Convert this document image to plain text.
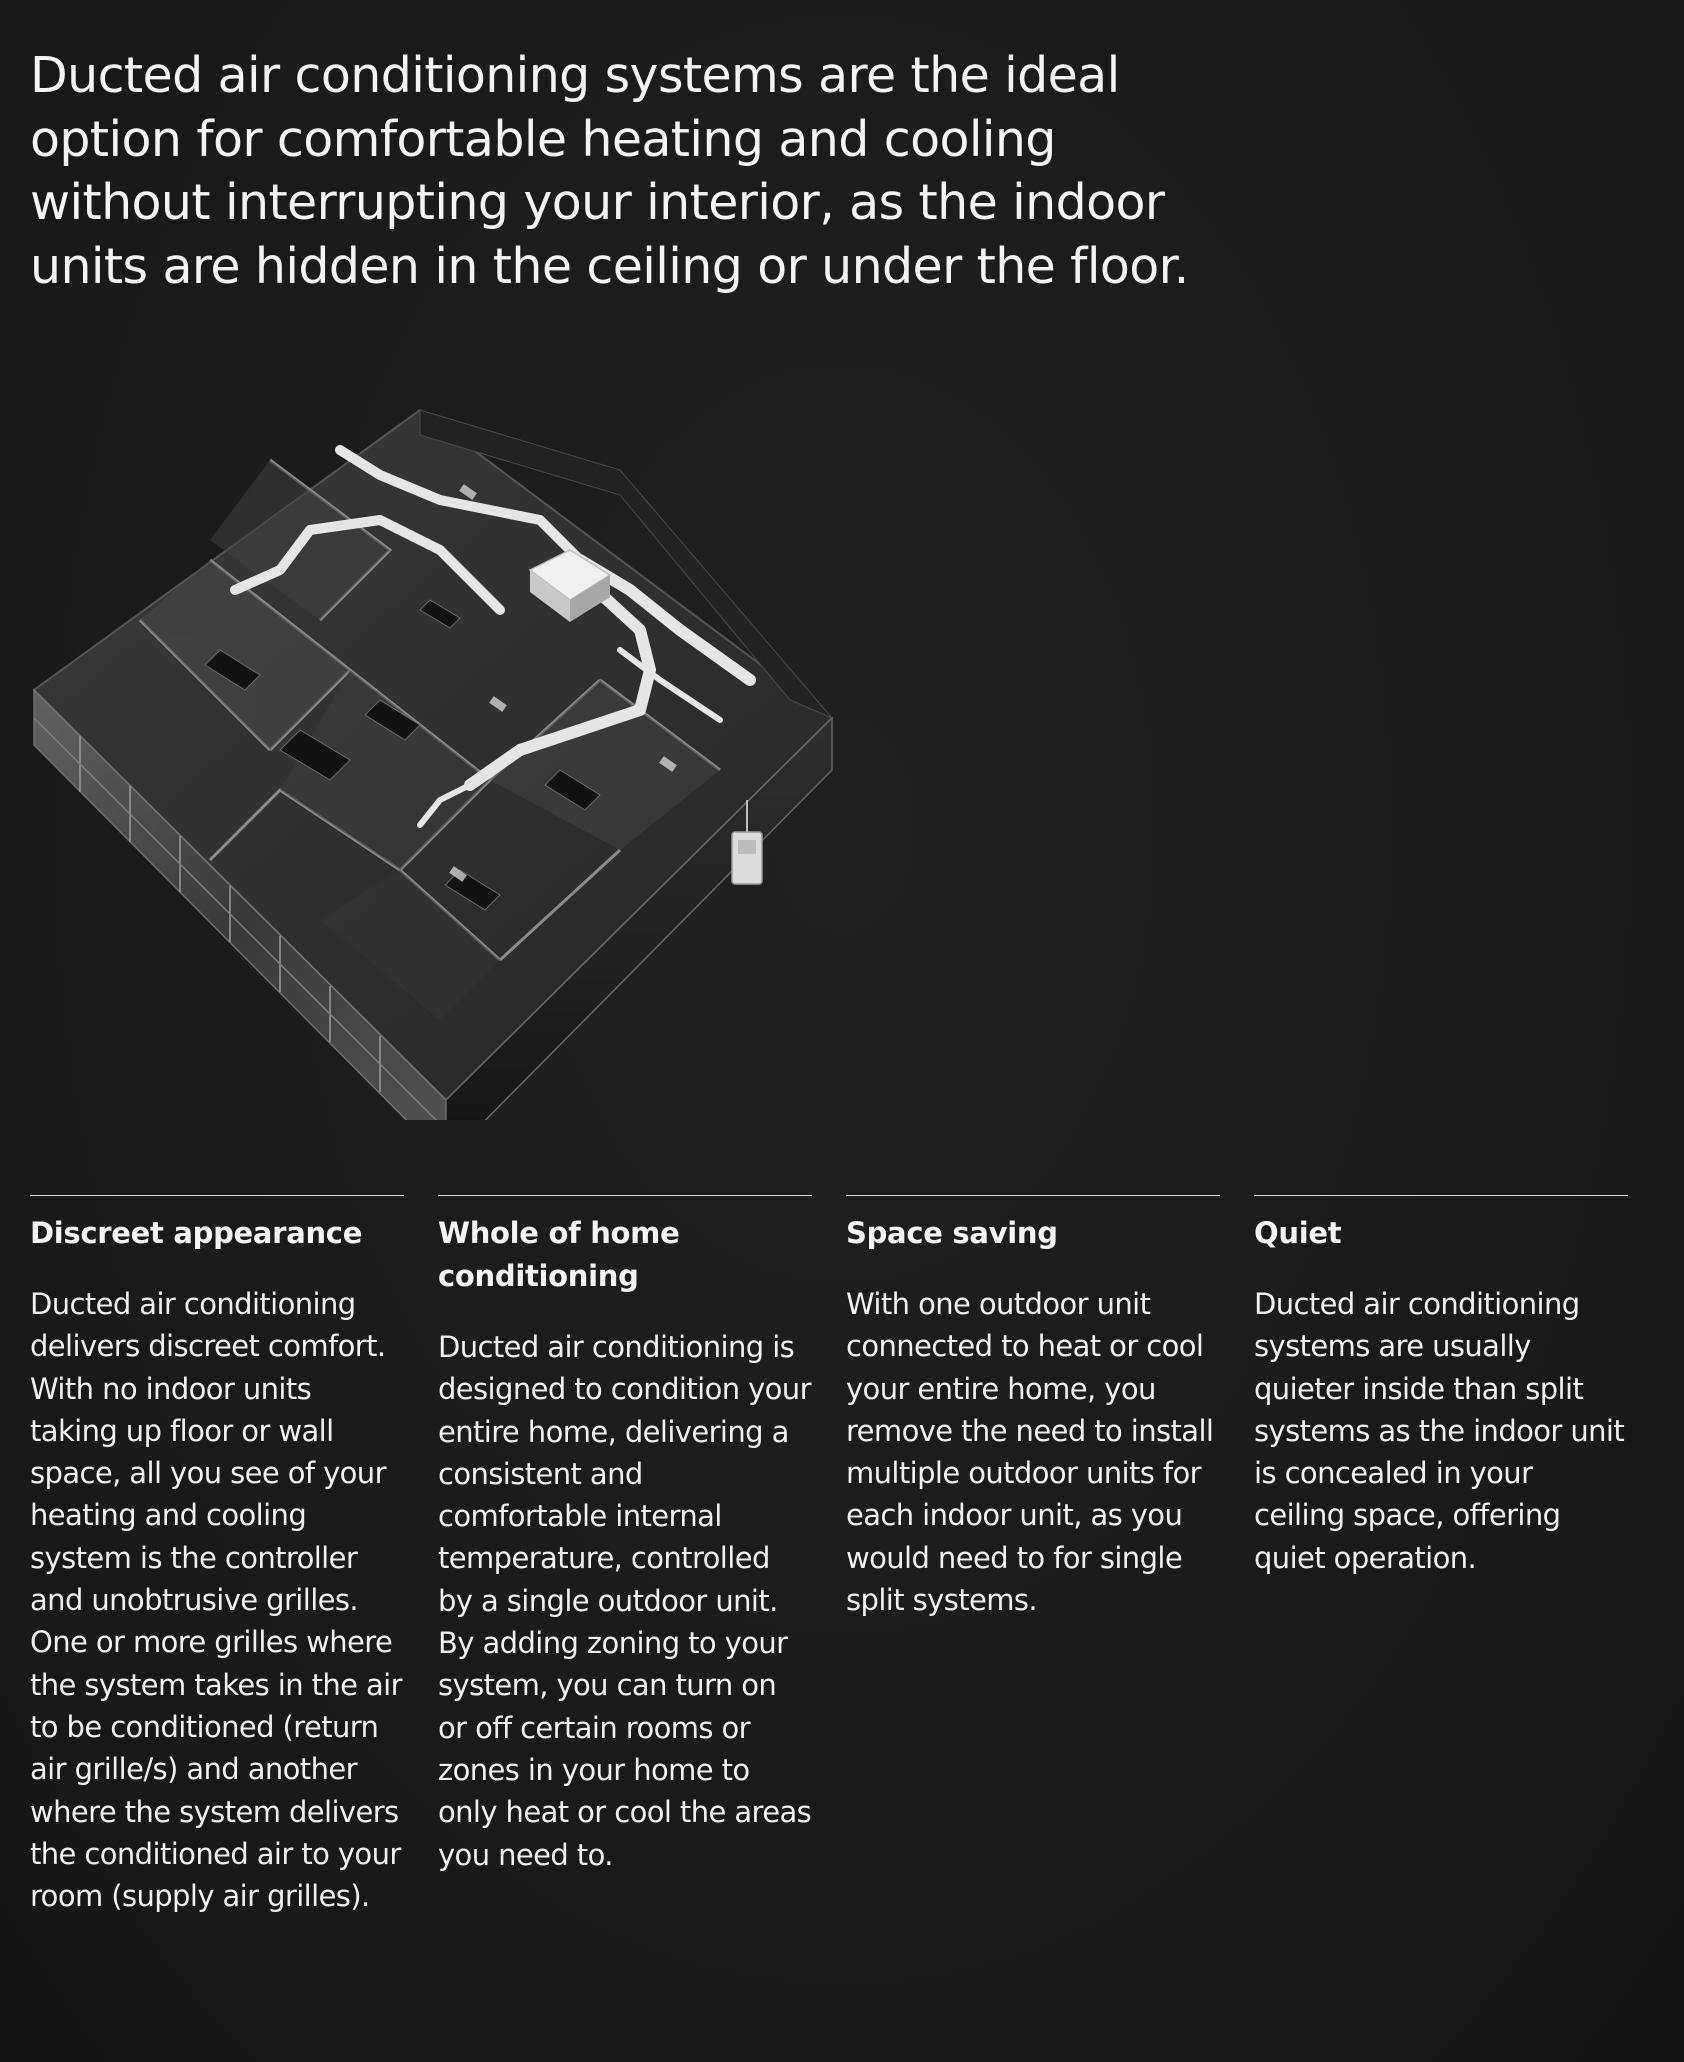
Ducted air conditioning systems are the ideal option for comfortable heating and cooling without interrupting your interior, as the indoor units are hidden in the ceiling or under the floor.

Discreet appearance

Ducted air conditioning delivers discreet comfort. With no indoor units taking up floor or wall space, all you see of your heating and cooling system is the controller and unobtrusive grilles. One or more grilles where the system takes in the air to be conditioned (return air grille/s) and another where the system delivers the conditioned air to your room (supply air grilles).

Whole of home conditioning

Ducted air conditioning is designed to condition your entire home, delivering a consistent and comfortable internal temperature, controlled by a single outdoor unit. By adding zoning to your system, you can turn on or off certain rooms or zones in your home to only heat or cool the areas you need to.

Space saving

With one outdoor unit connected to heat or cool your entire home, you remove the need to install multiple outdoor units for each indoor unit, as you would need to for single split systems.

Quiet

Ducted air conditioning systems are usually quieter inside than split systems as the indoor unit is concealed in your ceiling space, offering quiet operation.
